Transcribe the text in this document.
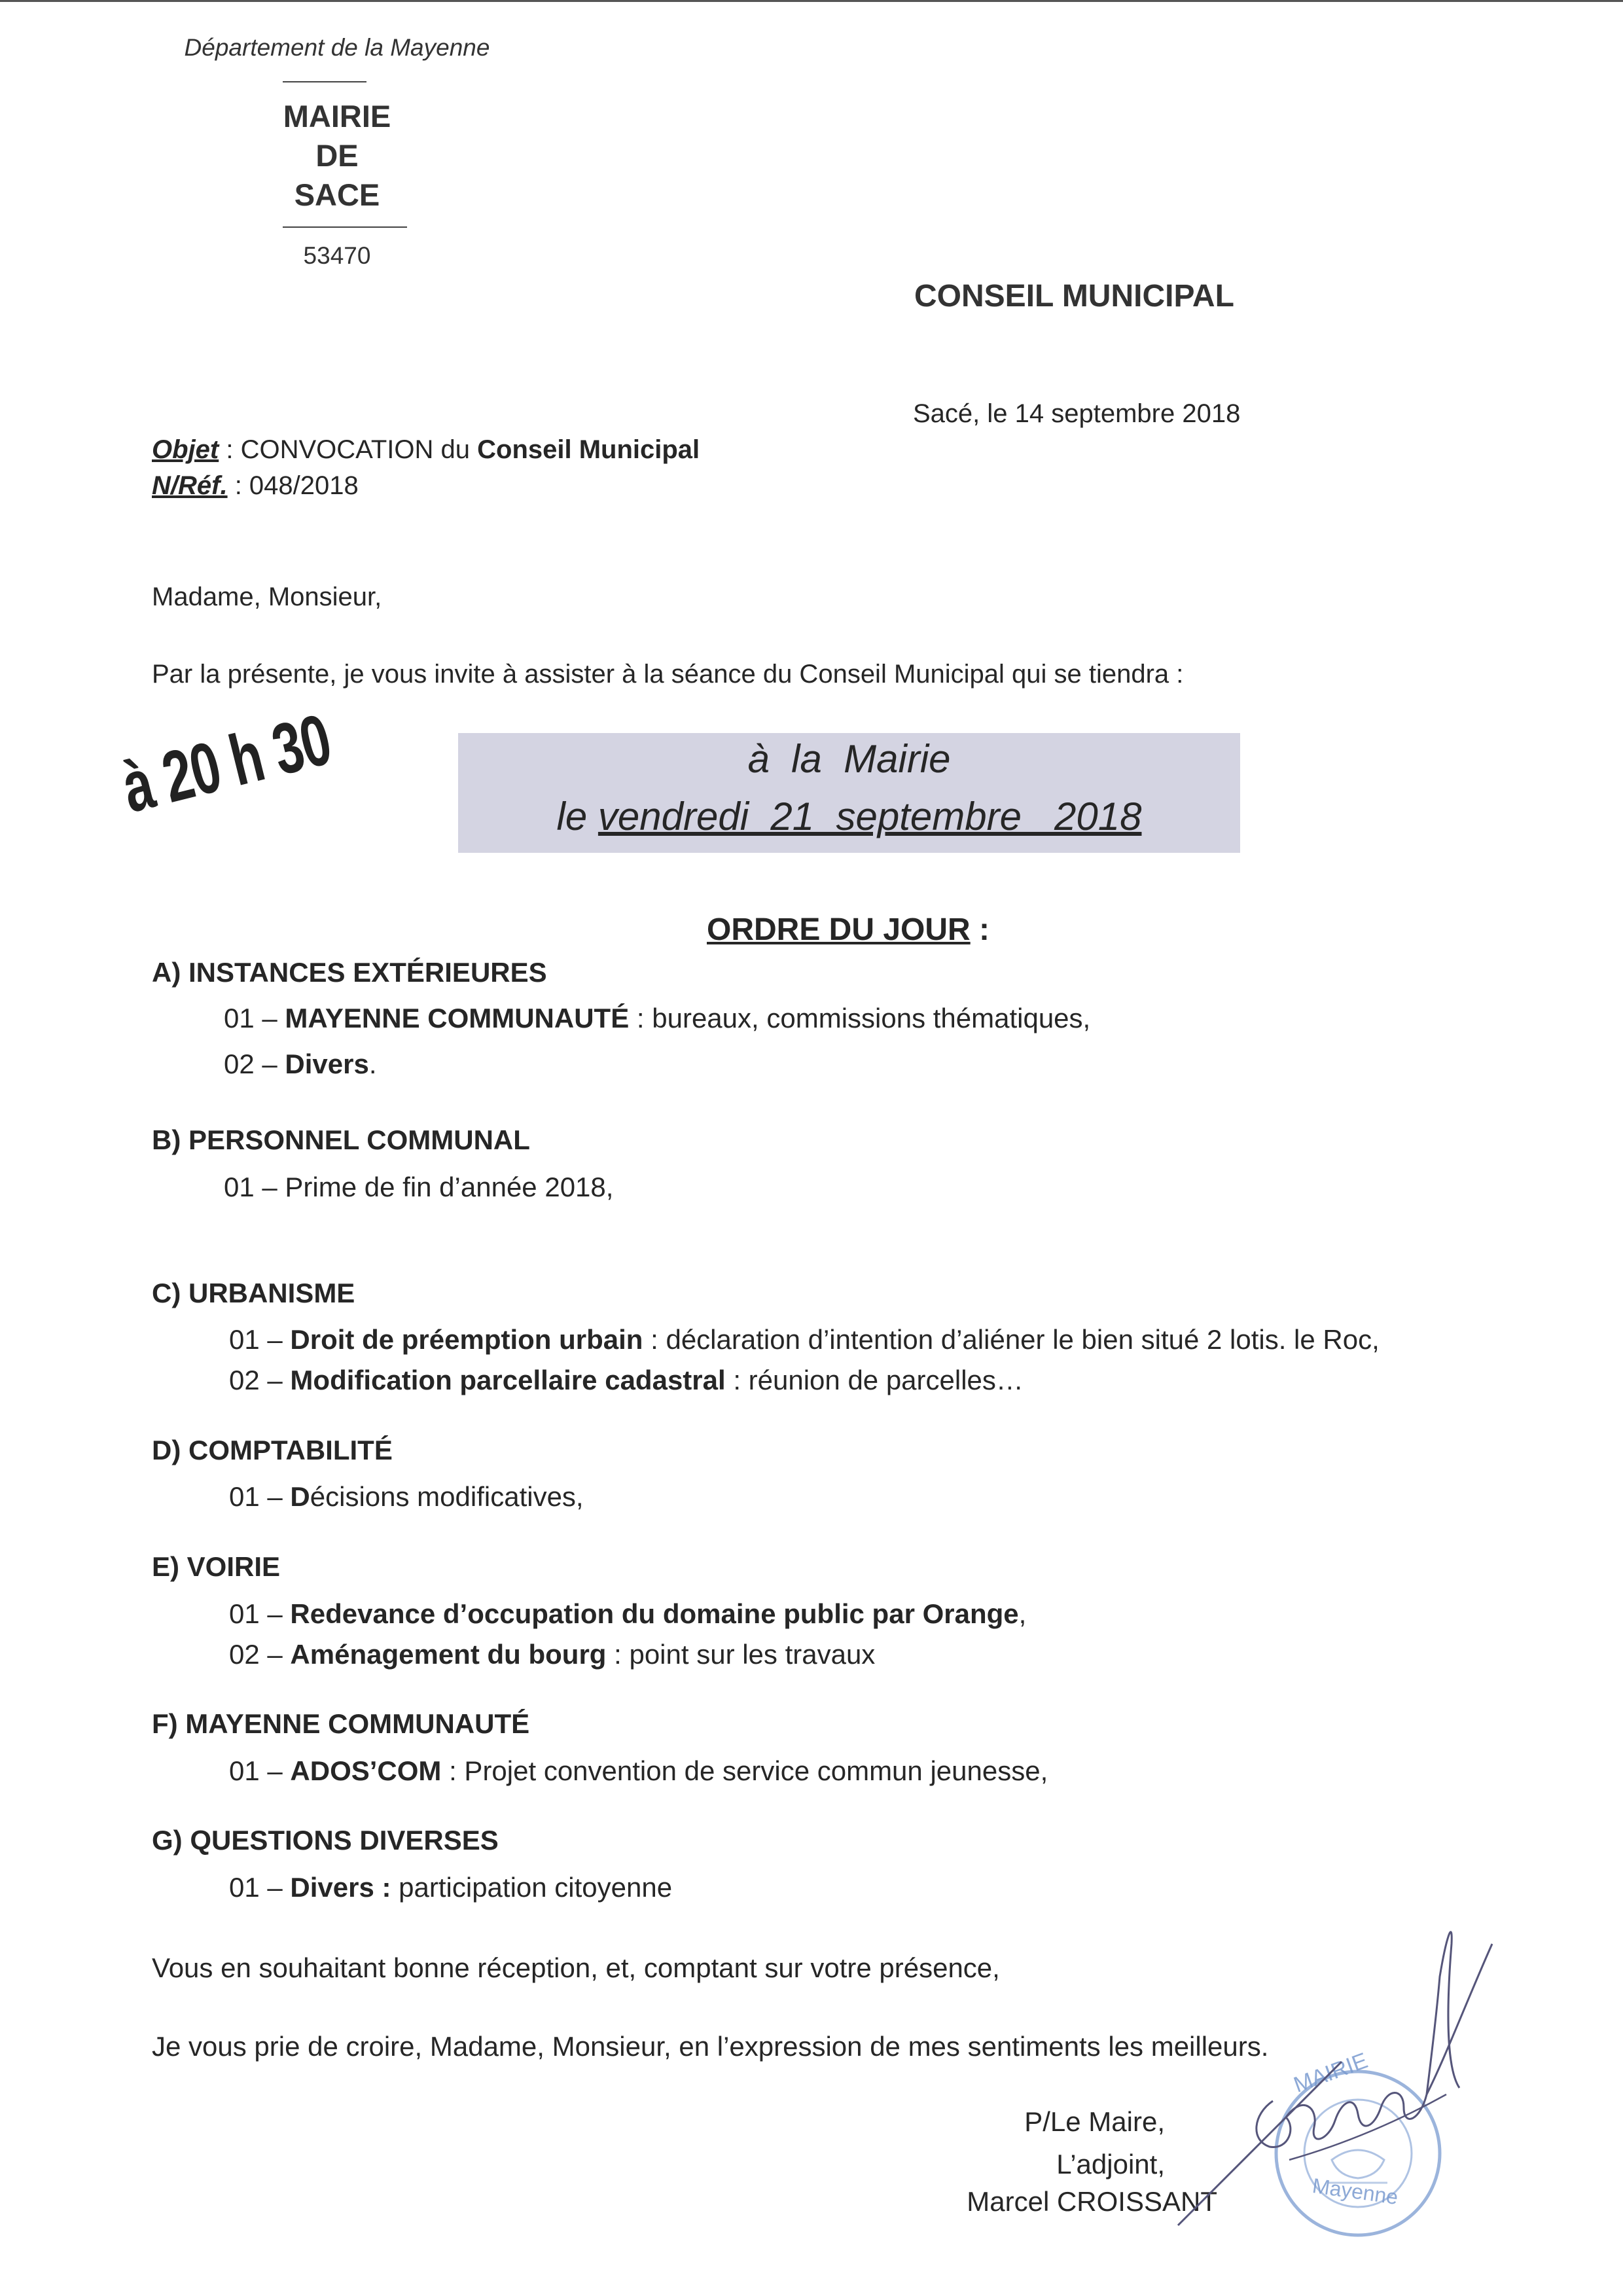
Département de la Mayenne
MAIRIE
DE
SACE
53470
CONSEIL MUNICIPAL
Sacé, le 14 septembre 2018
Objet : CONVOCATION du Conseil Municipal
N/Réf. : 048/2018
Madame, Monsieur,
Par la présente, je vous invite à assister à la séance du Conseil Municipal qui se tiendra :
à 20 h 30	à  la  Mairie
le vendredi  21  septembre   2018
ORDRE DU JOUR :
A) INSTANCES EXTÉRIEURES
01 – MAYENNE COMMUNAUTÉ : bureaux, commissions thématiques,
02 – Divers.
B) PERSONNEL COMMUNAL
01 – Prime de fin d’année 2018,
C) URBANISME
01 – Droit de préemption urbain : déclaration d’intention d’aliéner le bien situé 2 lotis. le Roc,
02 – Modification parcellaire cadastral : réunion de parcelles…
D) COMPTABILITÉ
01 – Décisions modificatives,
E) VOIRIE
01 – Redevance d’occupation du domaine public par Orange,
02 – Aménagement du bourg : point sur les travaux
F) MAYENNE COMMUNAUTÉ
01 – ADOS’COM : Projet convention de service commun jeunesse,
G) QUESTIONS DIVERSES
01 – Divers : participation citoyenne
Vous en souhaitant bonne réception, et, comptant sur votre présence,
Je vous prie de croire, Madame, Monsieur, en l’expression de mes sentiments les meilleurs.
MAIRIE
Mayenne
P/Le Maire,
L’adjoint,
Marcel CROISSANT
